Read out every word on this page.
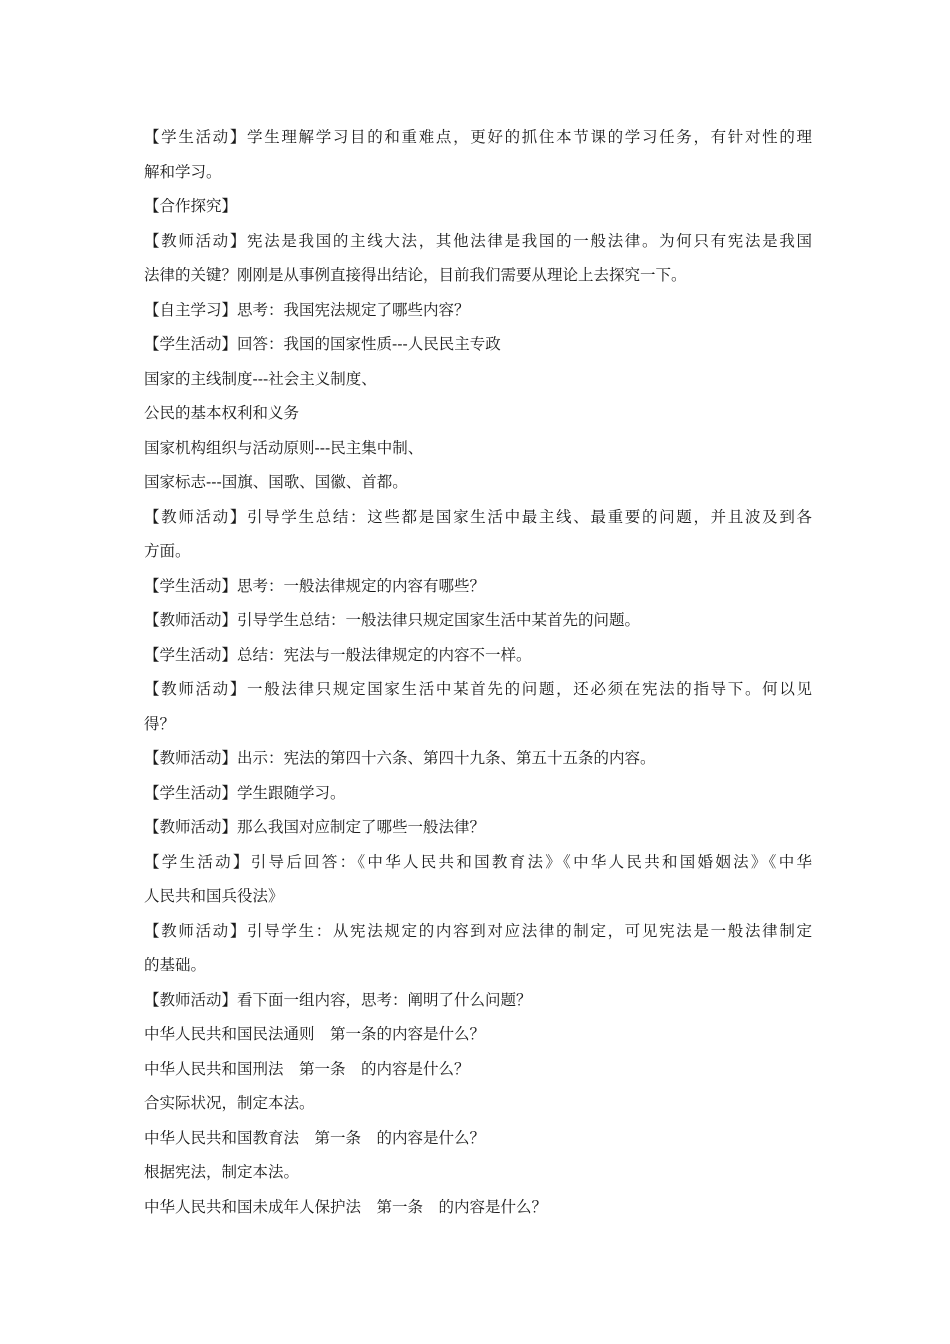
【学生活动】学生理解学习目的和重难点，更好的抓住本节课的学习任务，有针对性的理
解和学习。
【合作探究】
【教师活动】宪法是我国的主线大法，其他法律是我国的一般法律。为何只有宪法是我国
法律的关键？刚刚是从事例直接得出结论，目前我们需要从理论上去探究一下。
【自主学习】思考：我国宪法规定了哪些内容？
【学生活动】回答：我国的国家性质---人民民主专政
国家的主线制度---社会主义制度、
公民的基本权利和义务
国家机构组织与活动原则---民主集中制、
国家标志---国旗、国歌、国徽、首都。
【教师活动】引导学生总结：这些都是国家生活中最主线、最重要的问题，并且波及到各
方面。
【学生活动】思考：一般法律规定的内容有哪些？
【教师活动】引导学生总结：一般法律只规定国家生活中某首先的问题。
【学生活动】总结：宪法与一般法律规定的内容不一样。
【教师活动】一般法律只规定国家生活中某首先的问题，还必须在宪法的指导下。何以见
得？
【教师活动】出示：宪法的第四十六条、第四十九条、第五十五条的内容。
【学生活动】学生跟随学习。
【教师活动】那么我国对应制定了哪些一般法律？
【学生活动】引导后回答：《中华人民共和国教育法》《中华人民共和国婚姻法》《中华
人民共和国兵役法》
【教师活动】引导学生：从宪法规定的内容到对应法律的制定，可见宪法是一般法律制定
的基础。
【教师活动】看下面一组内容，思考：阐明了什么问题？
中华人民共和国民法通则　第一条的内容是什么？
中华人民共和国刑法　第一条　的内容是什么？
合实际状况，制定本法。
中华人民共和国教育法　第一条　的内容是什么？
根据宪法，制定本法。
中华人民共和国未成年人保护法　第一条　的内容是什么？
